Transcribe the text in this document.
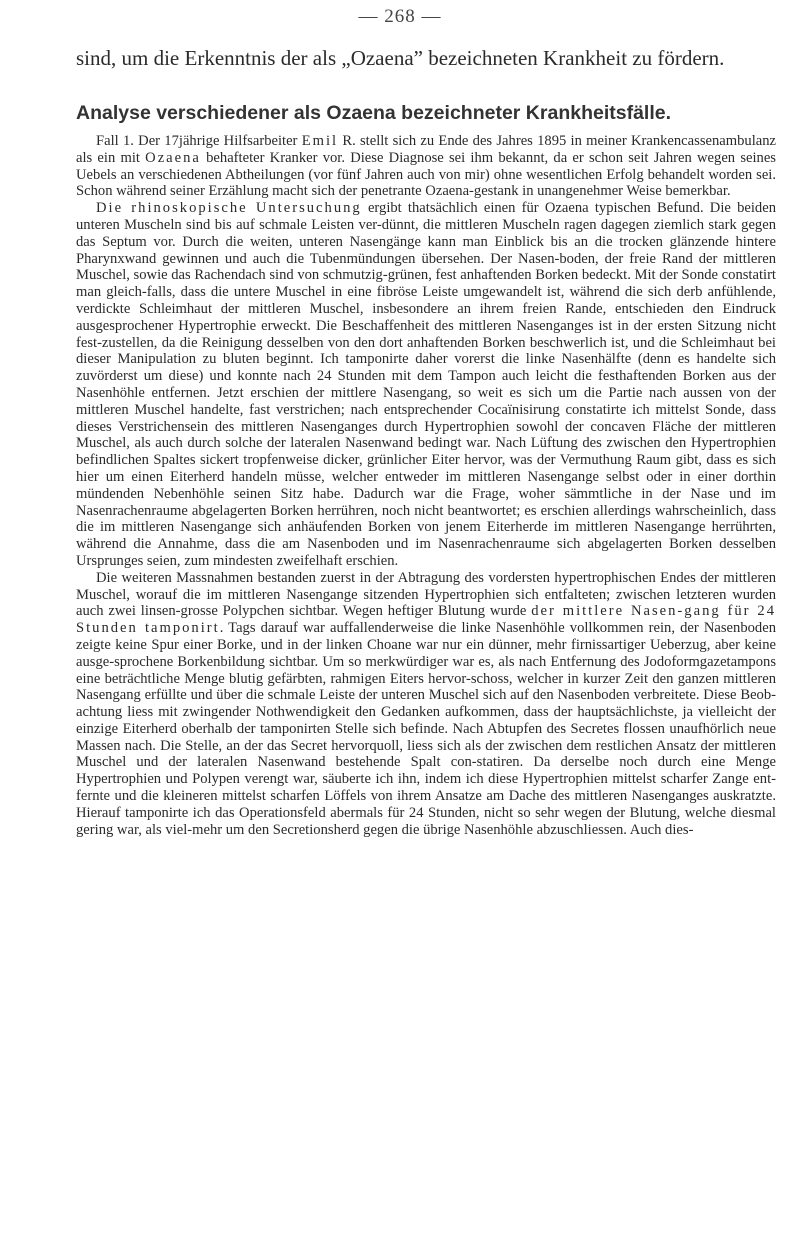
— 268 —
sind, um die Erkenntnis der als „Ozaena” bezeichneten Krankheit zu fördern.
Analyse verschiedener als Ozaena bezeichneter Krankheitsfälle.

Fall 1. Der 17jährige Hilfsarbeiter Emil R. stellt sich zu Ende des Jahres 1895 in meiner Krankencassenambulanz als ein mit Ozaena behafteter Kranker vor. Diese Diagnose sei ihm bekannt, da er schon seit Jahren wegen seines Uebels an verschiedenen Abtheilungen (vor fünf Jahren auch von mir) ohne wesentlichen Erfolg behandelt worden sei. Schon während seiner Erzählung macht sich der penetrante Ozaena-gestank in unangenehmer Weise bemerkbar.

Die rhinoskopische Untersuchung ergibt thatsächlich einen für Ozaena typischen Befund. Die beiden unteren Muscheln sind bis auf schmale Leisten ver-dünnt, die mittleren Muscheln ragen dagegen ziemlich stark gegen das Septum vor. Durch die weiten, unteren Nasengänge kann man Einblick bis an die trocken glänzende hintere Pharynxwand gewinnen und auch die Tubenmündungen übersehen. Der Nasen-boden, der freie Rand der mittleren Muschel, sowie das Rachendach sind von schmutzig-grünen, fest anhaftenden Borken bedeckt. Mit der Sonde constatirt man gleich-falls, dass die untere Muschel in eine fibröse Leiste umgewandelt ist, während die sich derb anfühlende, verdickte Schleimhaut der mittleren Muschel, insbesondere an ihrem freien Rande, entschieden den Eindruck ausgesprochener Hypertrophie erweckt. Die Beschaffenheit des mittleren Nasenganges ist in der ersten Sitzung nicht fest-zustellen, da die Reinigung desselben von den dort anhaftenden Borken beschwerlich ist, und die Schleimhaut bei dieser Manipulation zu bluten beginnt. Ich tamponirte daher vorerst die linke Nasenhälfte (denn es handelte sich zuvörderst um diese) und konnte nach 24 Stunden mit dem Tampon auch leicht die festhaftenden Borken aus der Nasenhöhle entfernen. Jetzt erschien der mittlere Nasengang, so weit es sich um die Partie nach aussen von der mittleren Muschel handelte, fast verstrichen; nach entsprechender Cocaïnisirung constatirte ich mittelst Sonde, dass dieses Verstrichensein des mittleren Nasenganges durch Hypertrophien sowohl der concaven Fläche der mittleren Muschel, als auch durch solche der lateralen Nasenwand bedingt war. Nach Lüftung des zwischen den Hypertrophien befindlichen Spaltes sickert tropfenweise dicker, grünlicher Eiter hervor, was der Vermuthung Raum gibt, dass es sich hier um einen Eiterherd handeln müsse, welcher entweder im mittleren Nasengange selbst oder in einer dorthin mündenden Nebenhöhle seinen Sitz habe. Dadurch war die Frage, woher sämmtliche in der Nase und im Nasenrachenraume abgelagerten Borken herrühren, noch nicht beantwortet; es erschien allerdings wahrscheinlich, dass die im mittleren Nasengange sich anhäufenden Borken von jenem Eiterherde im mittleren Nasengange herrührten, während die Annahme, dass die am Nasenboden und im Nasenrachenraume sich abgelagerten Borken desselben Ursprunges seien, zum mindesten zweifelhaft erschien.

Die weiteren Massnahmen bestanden zuerst in der Abtragung des vordersten hypertrophischen Endes der mittleren Muschel, worauf die im mittleren Nasengange sitzenden Hypertrophien sich entfalteten; zwischen letzteren wurden auch zwei linsen-grosse Polypchen sichtbar. Wegen heftiger Blutung wurde der mittlere Nasen-gang für 24 Stunden tamponirt. Tags darauf war auffallenderweise die linke Nasenhöhle vollkommen rein, der Nasenboden zeigte keine Spur einer Borke, und in der linken Choane war nur ein dünner, mehr firnissartiger Ueberzug, aber keine ausge-sprochene Borkenbildung sichtbar. Um so merkwürdiger war es, als nach Entfernung des Jodoformgazetampons eine beträchtliche Menge blutig gefärbten, rahmigen Eiters hervor-schoss, welcher in kurzer Zeit den ganzen mittleren Nasengang erfüllte und über die schmale Leiste der unteren Muschel sich auf den Nasenboden verbreitete. Diese Beob-achtung liess mit zwingender Nothwendigkeit den Gedanken aufkommen, dass der hauptsächlichste, ja vielleicht der einzige Eiterherd oberhalb der tamponirten Stelle sich befinde. Nach Abtupfen des Secretes flossen unaufhörlich neue Massen nach. Die Stelle, an der das Secret hervorquoll, liess sich als der zwischen dem restlichen Ansatz der mittleren Muschel und der lateralen Nasenwand bestehende Spalt con-statiren. Da derselbe noch durch eine Menge Hypertrophien und Polypen verengt war, säuberte ich ihn, indem ich diese Hypertrophien mittelst scharfer Zange ent-fernte und die kleineren mittelst scharfen Löffels von ihrem Ansatze am Dache des mittleren Nasenganges auskratzte. Hierauf tamponirte ich das Operationsfeld abermals für 24 Stunden, nicht so sehr wegen der Blutung, welche diesmal gering war, als viel-mehr um den Secretionsherd gegen die übrige Nasenhöhle abzuschliessen. Auch dies-
